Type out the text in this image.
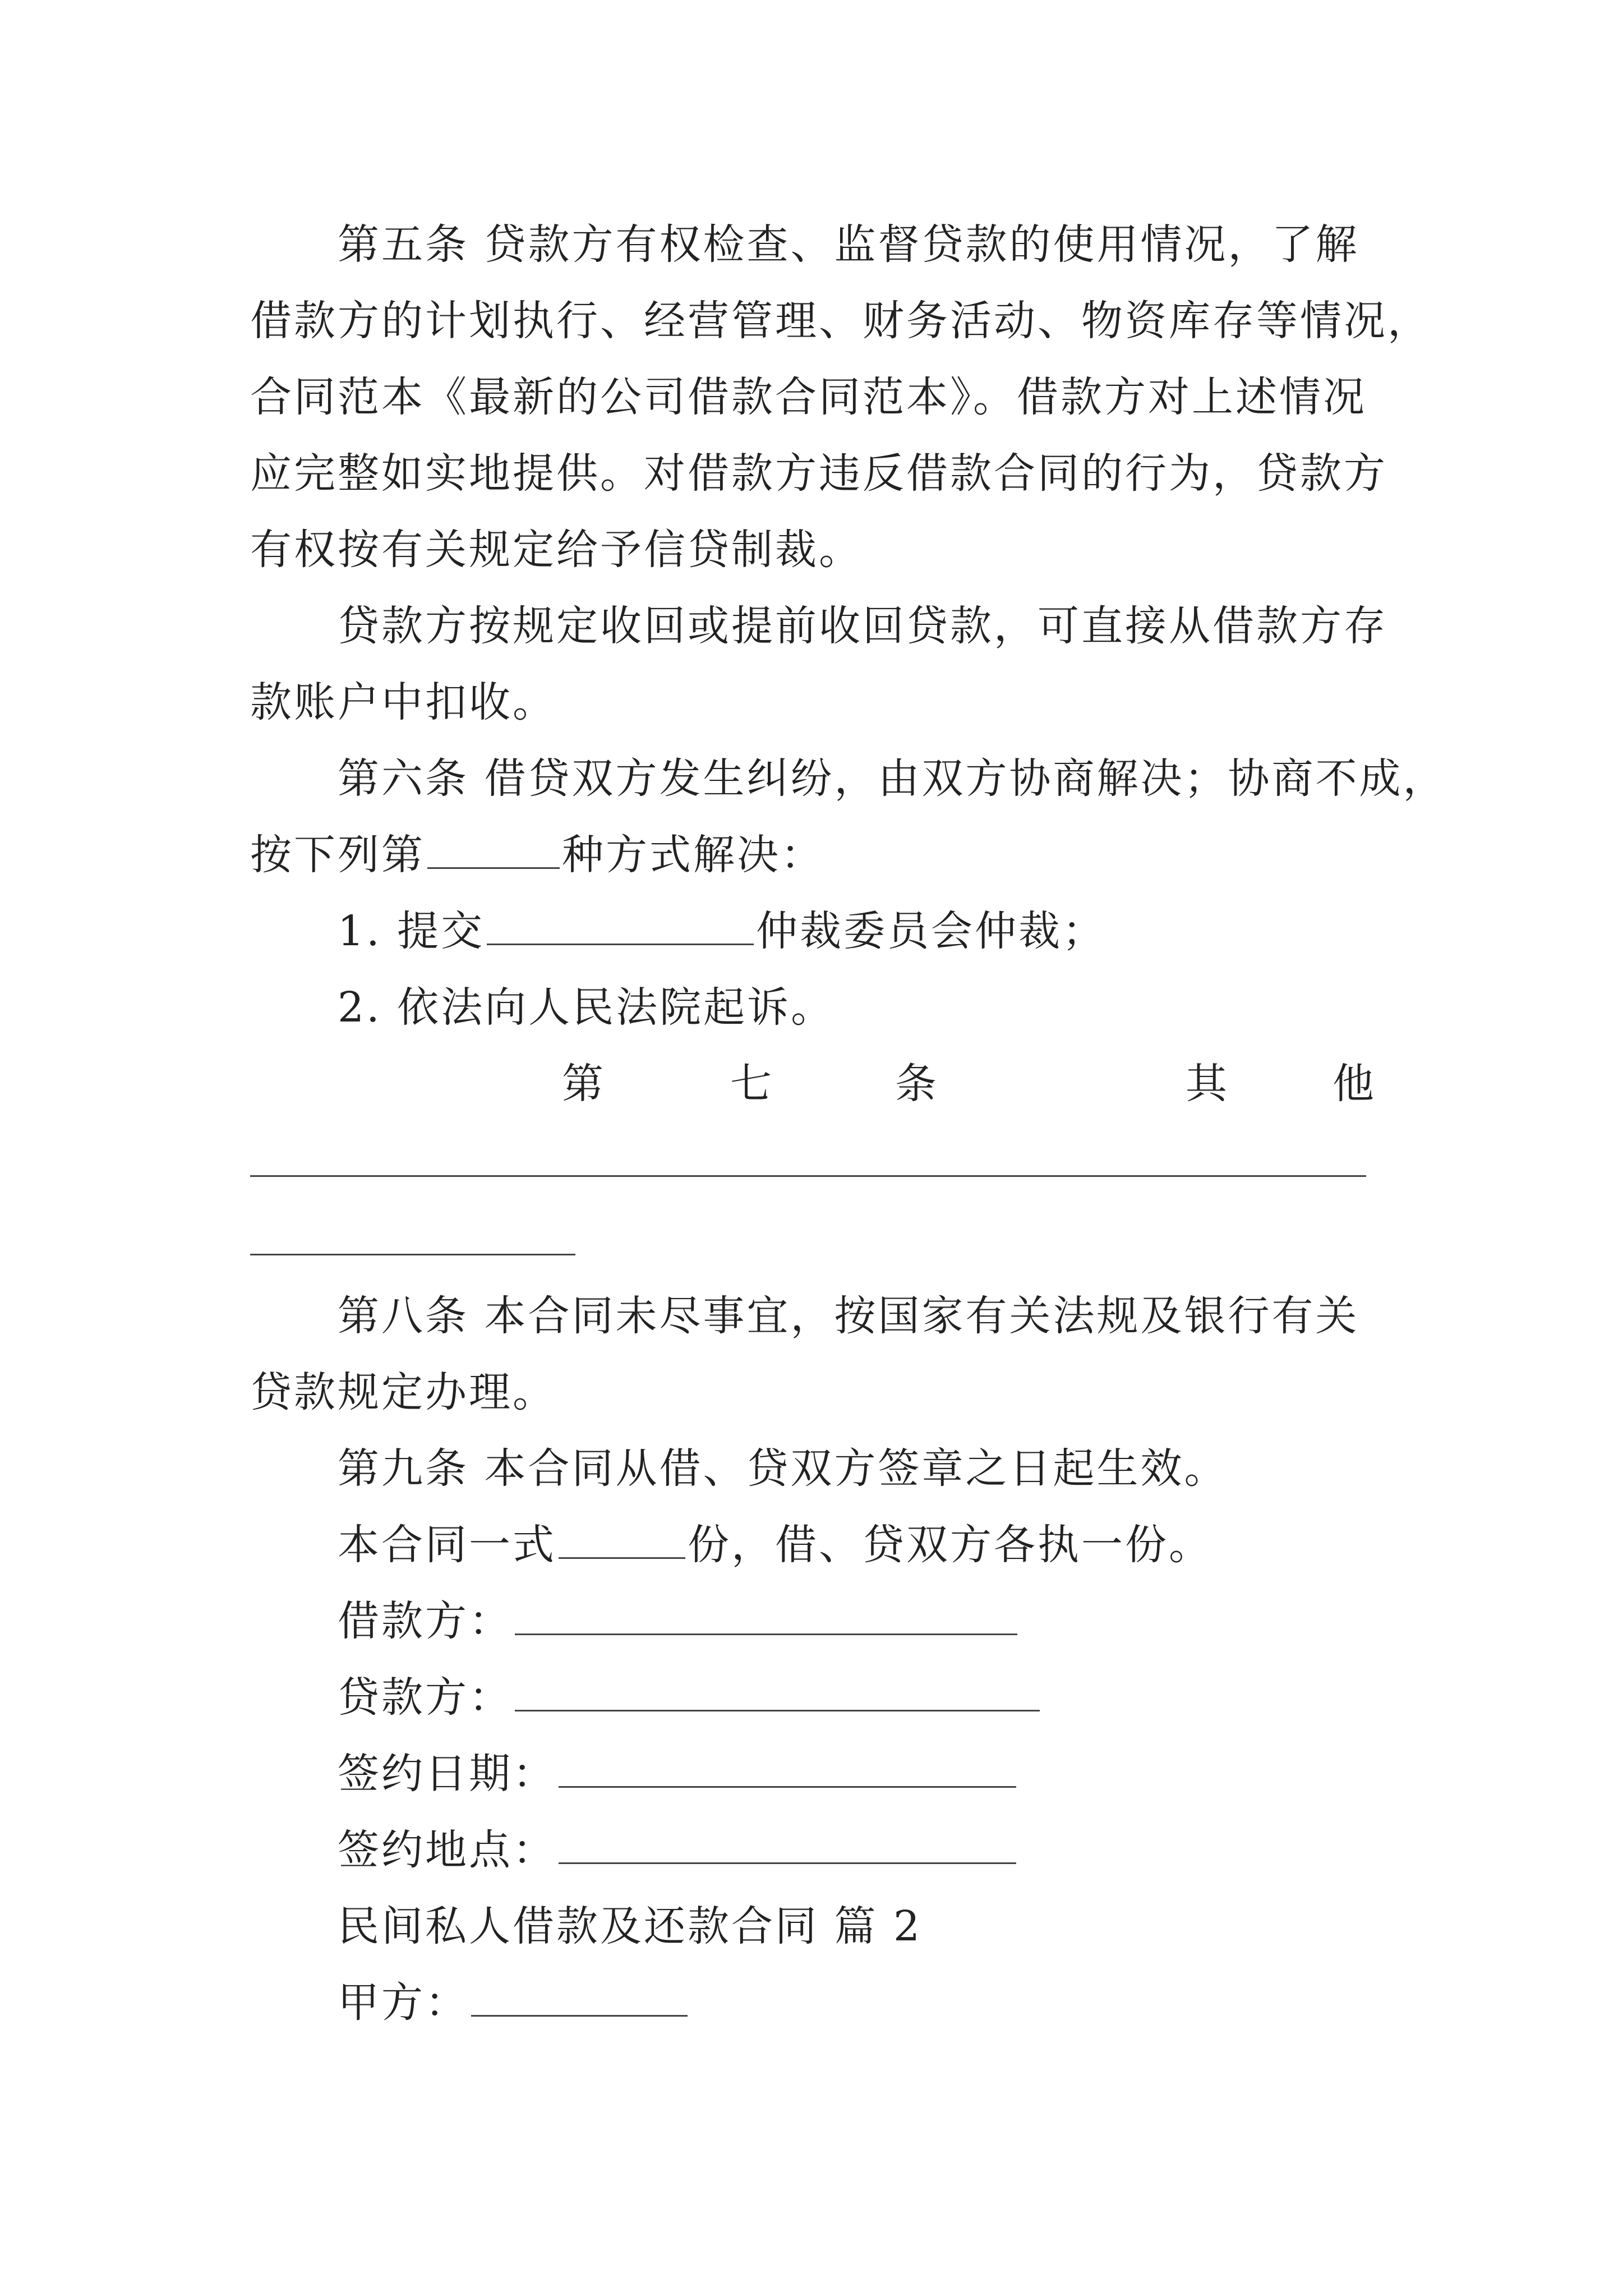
第五条 贷款方有权检查、监督贷款的使用情况，了解
借款方的计划执行、经营管理、财务活动、物资库存等情况，
合同范本《最新的公司借款合同范本》。借款方对上述情况
应完整如实地提供。对借款方违反借款合同的行为，贷款方
有权按有关规定给予信贷制裁。
贷款方按规定收回或提前收回贷款，可直接从借款方存
款账户中扣收。
第六条 借贷双方发生纠纷，由双方协商解决；协商不成，
按下列第	种方式解决：
1. 提交	仲裁委员会仲裁；
2. 依法向人民法院起诉。
第	七	条	其	他
第八条 本合同未尽事宜，按国家有关法规及银行有关
贷款规定办理。
第九条 本合同从借、贷双方签章之日起生效。
本合同一式	份，借、贷双方各执一份。
借款方：
贷款方：
签约日期：
签约地点：
民间私人借款及还款合同 篇 2
甲方：
